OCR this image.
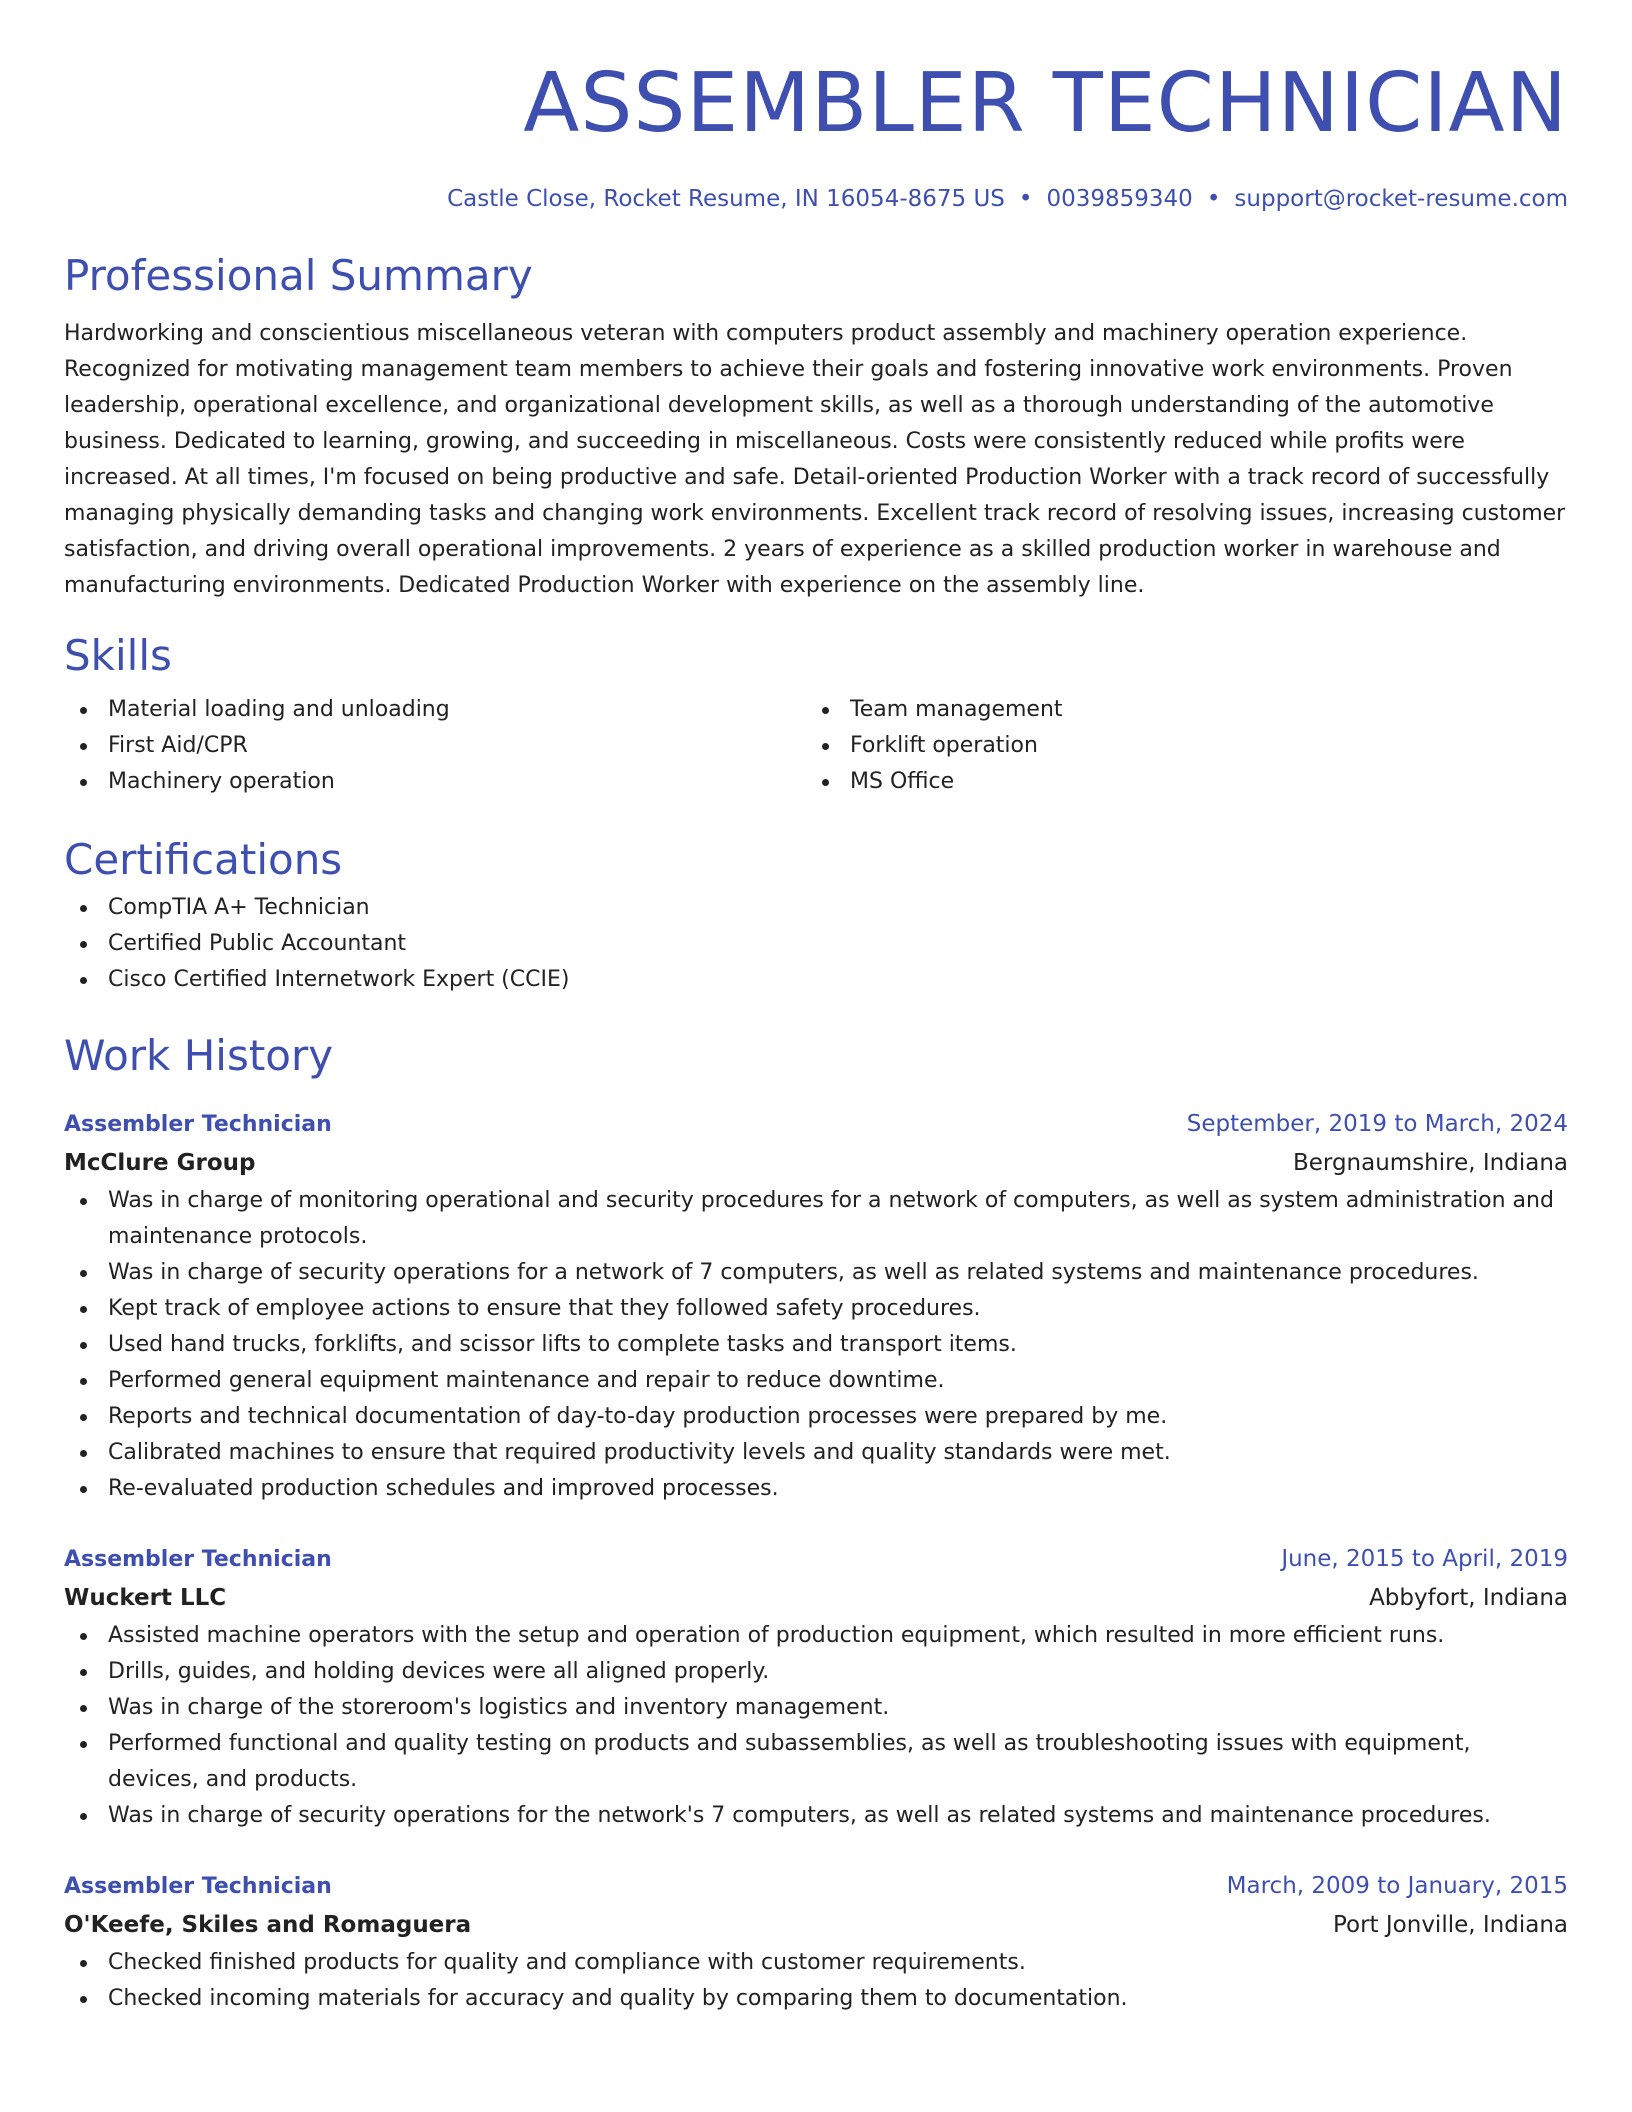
ASSEMBLER TECHNICIAN
Castle Close, Rocket Resume, IN 16054-8675 US • 0039859340 • support@rocket-resume.com
Professional Summary

Hardworking and conscientious miscellaneous veteran with computers product assembly and machinery operation experience. Recognized for motivating management team members to achieve their goals and fostering innovative work environments. Proven leadership, operational excellence, and organizational development skills, as well as a thorough understanding of the automotive business. Dedicated to learning, growing, and succeeding in miscellaneous. Costs were consistently reduced while profits were increased. At all times, I'm focused on being productive and safe. Detail-oriented Production Worker with a track record of successfully managing physically demanding tasks and changing work environments. Excellent track record of resolving issues, increasing customer satisfaction, and driving overall operational improvements. 2 years of experience as a skilled production worker in warehouse and manufacturing environments. Dedicated Production Worker with experience on the assembly line.

Skills
Material loading and unloading
First Aid/CPR
Machinery operation
Team management
Forklift operation
MS Office
Certifications
CompTIA A+ Technician
Certified Public Accountant
Cisco Certified Internetwork Expert (CCIE)
Work History
Assembler Technician	September, 2019 to March, 2024
McClure Group	Bergnaumshire, Indiana
Was in charge of monitoring operational and security procedures for a network of computers, as well as system administration and maintenance protocols.
Was in charge of security operations for a network of 7 computers, as well as related systems and maintenance procedures.
Kept track of employee actions to ensure that they followed safety procedures.
Used hand trucks, forklifts, and scissor lifts to complete tasks and transport items.
Performed general equipment maintenance and repair to reduce downtime.
Reports and technical documentation of day-to-day production processes were prepared by me.
Calibrated machines to ensure that required productivity levels and quality standards were met.
Re-evaluated production schedules and improved processes.
Assembler Technician	June, 2015 to April, 2019
Wuckert LLC	Abbyfort, Indiana
Assisted machine operators with the setup and operation of production equipment, which resulted in more efficient runs.
Drills, guides, and holding devices were all aligned properly.
Was in charge of the storeroom's logistics and inventory management.
Performed functional and quality testing on products and subassemblies, as well as troubleshooting issues with equipment, devices, and products.
Was in charge of security operations for the network's 7 computers, as well as related systems and maintenance procedures.
Assembler Technician	March, 2009 to January, 2015
O'Keefe, Skiles and Romaguera	Port Jonville, Indiana
Checked finished products for quality and compliance with customer requirements.
Checked incoming materials for accuracy and quality by comparing them to documentation.
